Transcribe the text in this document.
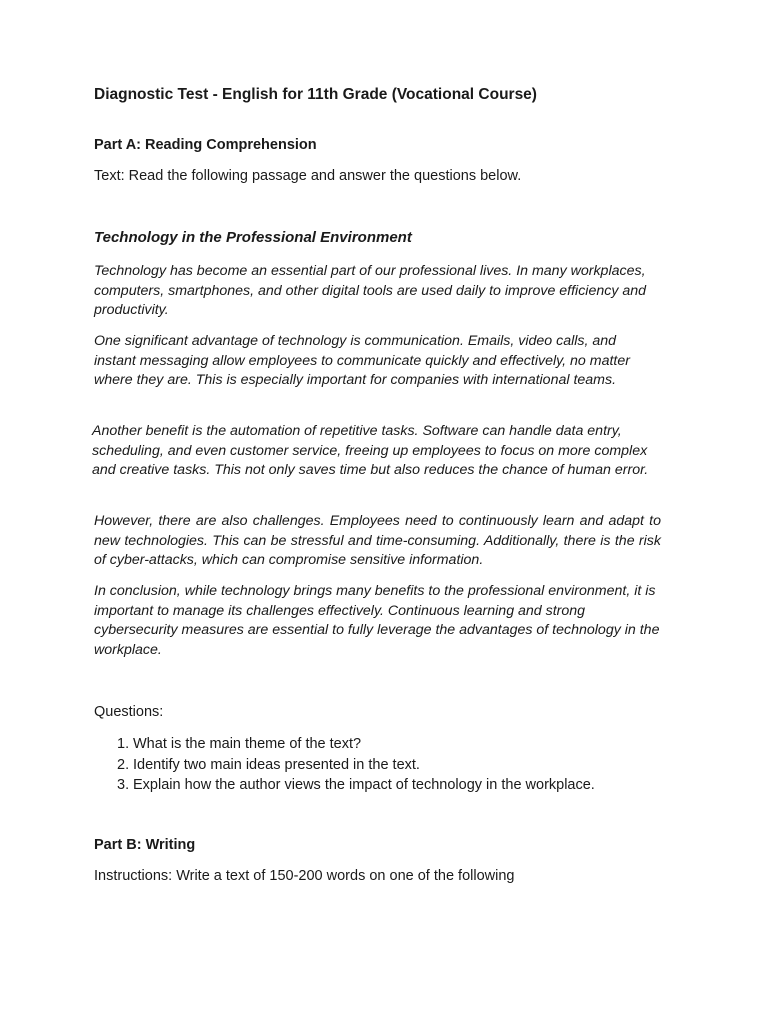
Diagnostic Test - English for 11th Grade (Vocational Course)
Part A: Reading Comprehension
Text: Read the following passage and answer the questions below.
Technology in the Professional Environment

Technology has become an essential part of our professional lives. In many workplaces, computers, smartphones, and other digital tools are used daily to improve efficiency and productivity.

One significant advantage of technology is communication. Emails, video calls, and instant messaging allow employees to communicate quickly and effectively, no matter where they are. This is especially important for companies with international teams.

Another benefit is the automation of repetitive tasks. Software can handle data entry, scheduling, and even customer service, freeing up employees to focus on more complex and creative tasks. This not only saves time but also reduces the chance of human error.

However, there are also challenges. Employees need to continuously learn and adapt to new technologies. This can be stressful and time-consuming. Additionally, there is the risk of cyber-attacks, which can compromise sensitive information.

In conclusion, while technology brings many benefits to the professional environment, it is important to manage its challenges effectively. Continuous learning and strong cybersecurity measures are essential to fully leverage the advantages of technology in the workplace.

Questions:
1. What is the main theme of the text?
2. Identify two main ideas presented in the text.
3. Explain how the author views the impact of technology in the workplace.
Part B: Writing
Instructions: Write a text of 150-200 words on one of the following
